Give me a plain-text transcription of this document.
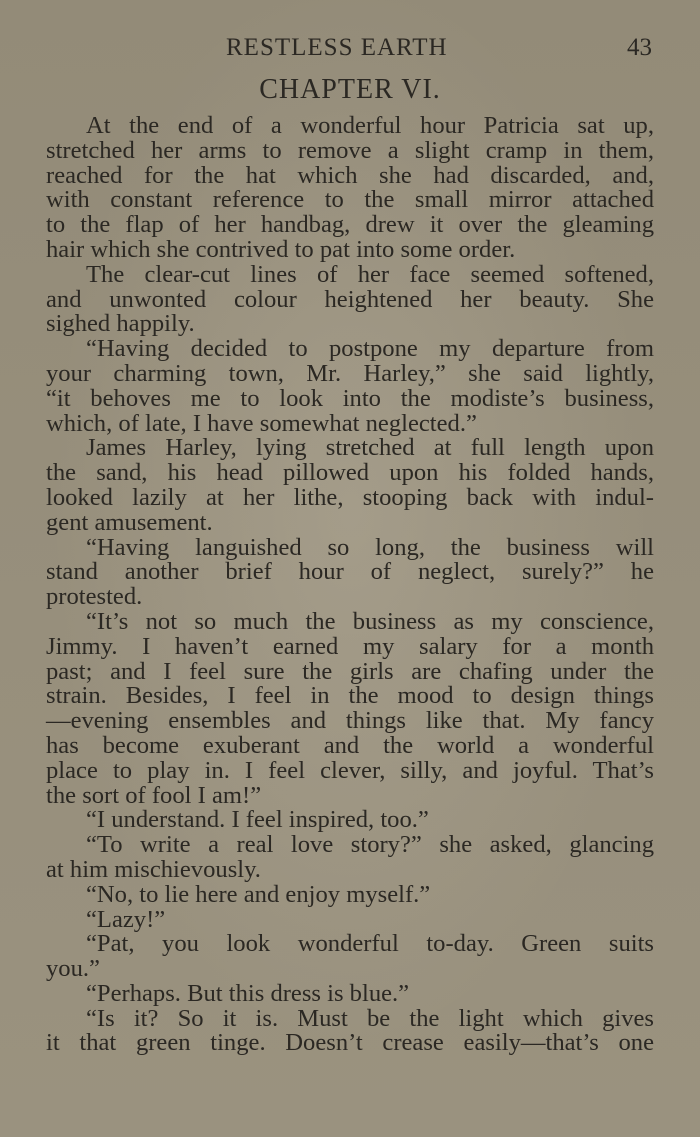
RESTLESS EARTH	43
CHAPTER VI.
At the end of a wonderful hour Patricia sat up,
stretched her arms to remove a slight cramp in them,
reached for the hat which she had discarded, and,
with constant reference to the small mirror attached
to the flap of her handbag, drew it over the gleaming
hair which she contrived to pat into some order.
The clear-cut lines of her face seemed softened,
and unwonted colour heightened her beauty. She
sighed happily.
“Having decided to postpone my departure from
your charming town, Mr. Harley,” she said lightly,
“it behoves me to look into the modiste’s business,
which, of late, I have somewhat neglected.”
James Harley, lying stretched at full length upon
the sand, his head pillowed upon his folded hands,
looked lazily at her lithe, stooping back with indul-
gent amusement.
“Having languished so long, the business will
stand another brief hour of neglect, surely?” he
protested.
“It’s not so much the business as my conscience,
Jimmy. I haven’t earned my salary for a month
past; and I feel sure the girls are chafing under the
strain. Besides, I feel in the mood to design things
—evening ensembles and things like that. My fancy
has become exuberant and the world a wonderful
place to play in. I feel clever, silly, and joyful. That’s
the sort of fool I am!”
“I understand. I feel inspired, too.”
“To write a real love story?” she asked, glancing
at him mischievously.
“No, to lie here and enjoy myself.”
“Lazy!”
“Pat, you look wonderful to-day. Green suits
you.”
“Perhaps. But this dress is blue.”
“Is it? So it is. Must be the light which gives
it that green tinge. Doesn’t crease easily—that’s one
